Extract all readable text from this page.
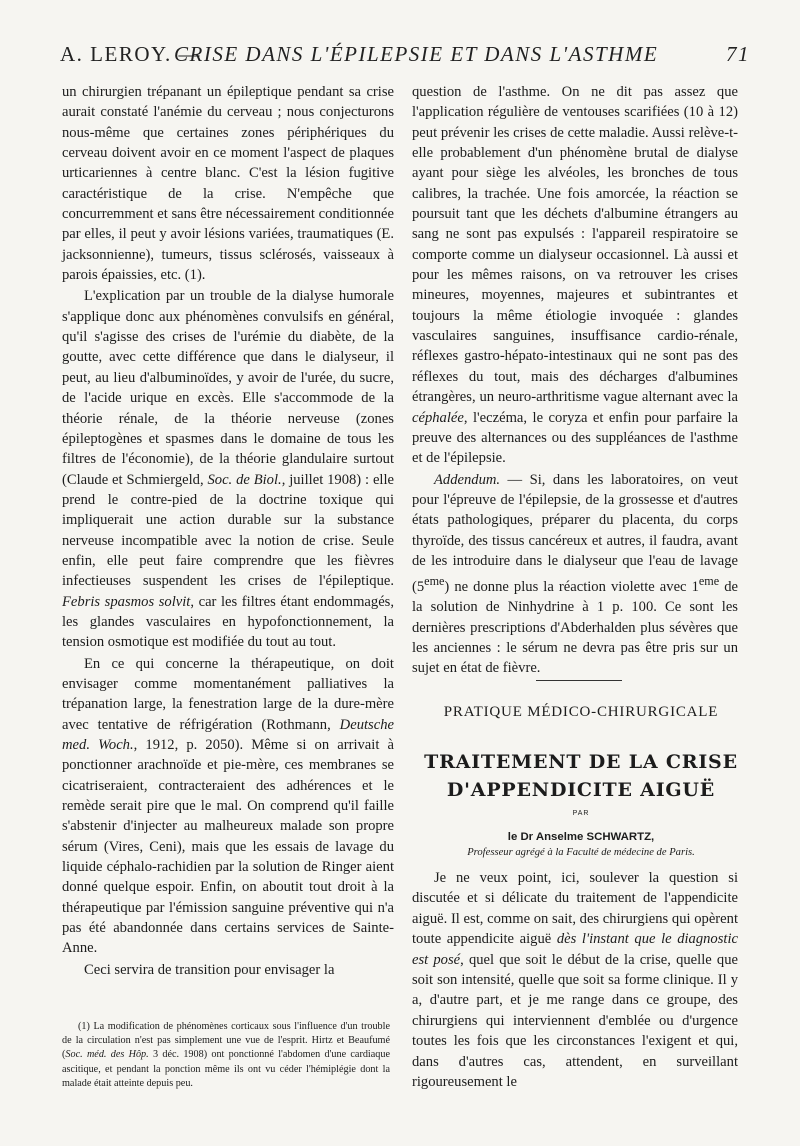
A. LEROY. —
CRISE DANS L'ÉPILEPSIE ET DANS L'ASTHME	71

un chirurgien trépanant un épileptique pendant sa crise aurait constaté l'anémie du cerveau ; nous conjecturons nous-même que certaines zones périphériques du cerveau doivent avoir en ce moment l'aspect de plaques urticariennes à centre blanc. C'est la lésion fugitive caractéristique de la crise. N'empêche que concurremment et sans être nécessairement conditionnée par elles, il peut y avoir lésions variées, traumatiques (E. jacksonnienne), tumeurs, tissus sclérosés, vaisseaux à parois épaissies, etc. (1).

L'explication par un trouble de la dialyse humorale s'applique donc aux phénomènes convulsifs en général, qu'il s'agisse des crises de l'urémie du diabète, de la goutte, avec cette différence que dans le dialyseur, il peut, au lieu d'albuminoïdes, y avoir de l'urée, du sucre, de l'acide urique en excès. Elle s'accommode de la théorie rénale, de la théorie nerveuse (zones épileptogènes et spasmes dans le domaine de tous les filtres de l'économie), de la théorie glandulaire surtout (Claude et Schmiergeld, Soc. de Biol., juillet 1908) : elle prend le contre-pied de la doctrine toxique qui impliquerait une action durable sur la substance nerveuse incompatible avec la notion de crise. Seule enfin, elle peut faire comprendre que les fièvres infectieuses suspendent les crises de l'épileptique. Febris spasmos solvit, car les filtres étant endommagés, les glandes vasculaires en hypofonctionnement, la tension osmotique est modifiée du tout au tout.

En ce qui concerne la thérapeutique, on doit envisager comme momentanément palliatives la trépanation large, la fenestration large de la dure-mère avec tentative de réfrigération (Rothmann, Deutsche med. Woch., 1912, p. 2050). Même si on arrivait à ponctionner arachnoïde et pie-mère, ces membranes se cicatriseraient, contracteraient des adhérences et le remède serait pire que le mal. On comprend qu'il faille s'abstenir d'injecter au malheureux malade son propre sérum (Vires, Ceni), mais que les essais de lavage du liquide céphalo-rachidien par la solution de Ringer aient donné quelque espoir. Enfin, on aboutit tout droit à la thérapeutique par l'émission sanguine préventive qui n'a pas été abandonnée dans certains services de Sainte-Anne.

Ceci servira de transition pour envisager la

(1) La modification de phénomènes corticaux sous l'influence d'un trouble de la circulation n'est pas simplement une vue de l'esprit. Hirtz et Beaufumé (Soc. méd. des Hôp. 3 déc. 1908) ont ponctionné l'abdomen d'une cardiaque ascitique, et pendant la ponction même ils ont vu céder l'hémiplégie dont la malade était atteinte depuis peu.

question de l'asthme. On ne dit pas assez que l'application régulière de ventouses scarifiées (10 à 12) peut prévenir les crises de cette maladie. Aussi relève-t-elle probablement d'un phénomène brutal de dialyse ayant pour siège les alvéoles, les bronches de tous calibres, la trachée. Une fois amorcée, la réaction se poursuit tant que les déchets d'albumine étrangers au sang ne sont pas expulsés : l'appareil respiratoire se comporte comme un dialyseur occasionnel. Là aussi et pour les mêmes raisons, on va retrouver les crises mineures, moyennes, majeures et subintrantes et toujours la même étiologie invoquée : glandes vasculaires sanguines, insuffisance cardio-rénale, réflexes gastro-hépato-intestinaux qui ne sont pas des réflexes du tout, mais des décharges d'albumines étrangères, un neuro-arthritisme vague alternant avec la céphalée, l'eczéma, le coryza et enfin pour parfaire la preuve des alternances ou des suppléances de l'asthme et de l'épilepsie.

Addendum. — Si, dans les laboratoires, on veut pour l'épreuve de l'épilepsie, de la grossesse et d'autres états pathologiques, préparer du placenta, du corps thyroïde, des tissus cancéreux et autres, il faudra, avant de les introduire dans le dialyseur que l'eau de lavage (5eme) ne donne plus la réaction violette avec 1eme de la solution de Ninhydrine à 1 p. 100. Ce sont les dernières prescriptions d'Abderhalden plus sévères que les anciennes : le sérum ne devra pas être pris sur un sujet en état de fièvre.

PRATIQUE MÉDICO-CHIRURGICALE
TRAITEMENT DE LA CRISE
D'APPENDICITE AIGUË
PAR
le Dr Anselme SCHWARTZ,
Professeur agrégé à la Faculté de médecine de Paris.

Je ne veux point, ici, soulever la question si discutée et si délicate du traitement de l'appendicite aiguë. Il est, comme on sait, des chirurgiens qui opèrent toute appendicite aiguë dès l'instant que le diagnostic est posé, quel que soit le début de la crise, quelle que soit son intensité, quelle que soit sa forme clinique. Il y a, d'autre part, et je me range dans ce groupe, des chirurgiens qui interviennent d'emblée ou d'urgence toutes les fois que les circonstances l'exigent et qui, dans d'autres cas, attendent, en surveillant rigoureusement le
